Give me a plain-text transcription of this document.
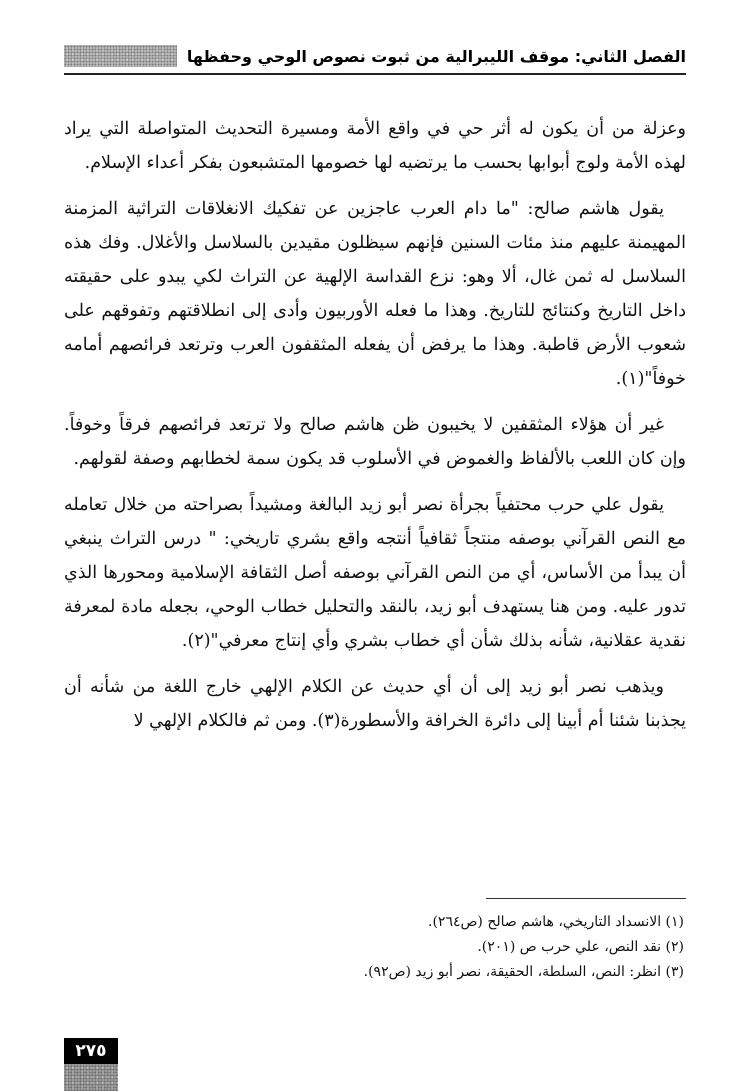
الفصل الثاني: موقف الليبرالية من ثبوت نصوص الوحي وحفظها

وعزلة من أن يكون له أثر حي في واقع الأمة ومسيرة التحديث المتواصلة التي يراد لهذه الأمة ولوج أبوابها بحسب ما يرتضيه لها خصومها المتشبعون بفكر أعداء الإسلام.

يقول هاشم صالح: "ما دام العرب عاجزين عن تفكيك الانغلاقات التراثية المزمنة المهيمنة عليهم منذ مئات السنين فإنهم سيظلون مقيدين بالسلاسل والأغلال. وفك هذه السلاسل له ثمن غال، ألا وهو: نزع القداسة الإلهية عن التراث لكي يبدو على حقيقته داخل التاريخ وكنتائج للتاريخ. وهذا ما فعله الأوربيون وأدى إلى انطلاقتهم وتفوقهم على شعوب الأرض قاطبة. وهذا ما يرفض أن يفعله المثقفون العرب وترتعد فرائصهم أمامه خوفاً"(١).

غير أن هؤلاء المثقفين لا يخيبون ظن هاشم صالح ولا ترتعد فرائصهم فرقاً وخوفاً. وإن كان اللعب بالألفاظ والغموض في الأسلوب قد يكون سمة لخطابهم وصفة لقولهم.

يقول علي حرب محتفياً بجرأة نصر أبو زيد البالغة ومشيداً بصراحته من خلال تعامله مع النص القرآني بوصفه منتجاً ثقافياً أنتجه واقع بشري تاريخي: " درس التراث ينبغي أن يبدأ من الأساس، أي من النص القرآني بوصفه أصل الثقافة الإسلامية ومحورها الذي تدور عليه. ومن هنا يستهدف أبو زيد، بالنقد والتحليل خطاب الوحي، بجعله مادة لمعرفة نقدية عقلانية، شأنه بذلك شأن أي خطاب بشري وأي إنتاج معرفي"(٢).

ويذهب نصر أبو زيد إلى أن أي حديث عن الكلام الإلهي خارج اللغة من شأنه أن يجذبنا شئنا أم أبينا إلى دائرة الخرافة والأسطورة(٣). ومن ثم فالكلام الإلهي لا

(١) الانسداد التاريخي، هاشم صالح (ص٢٦٤).
(٢) نقد النص، علي حرب ص (٢٠١).
(٣) انظر: النص، السلطة، الحقيقة، نصر أبو زيد (ص٩٢).
٢٧٥
